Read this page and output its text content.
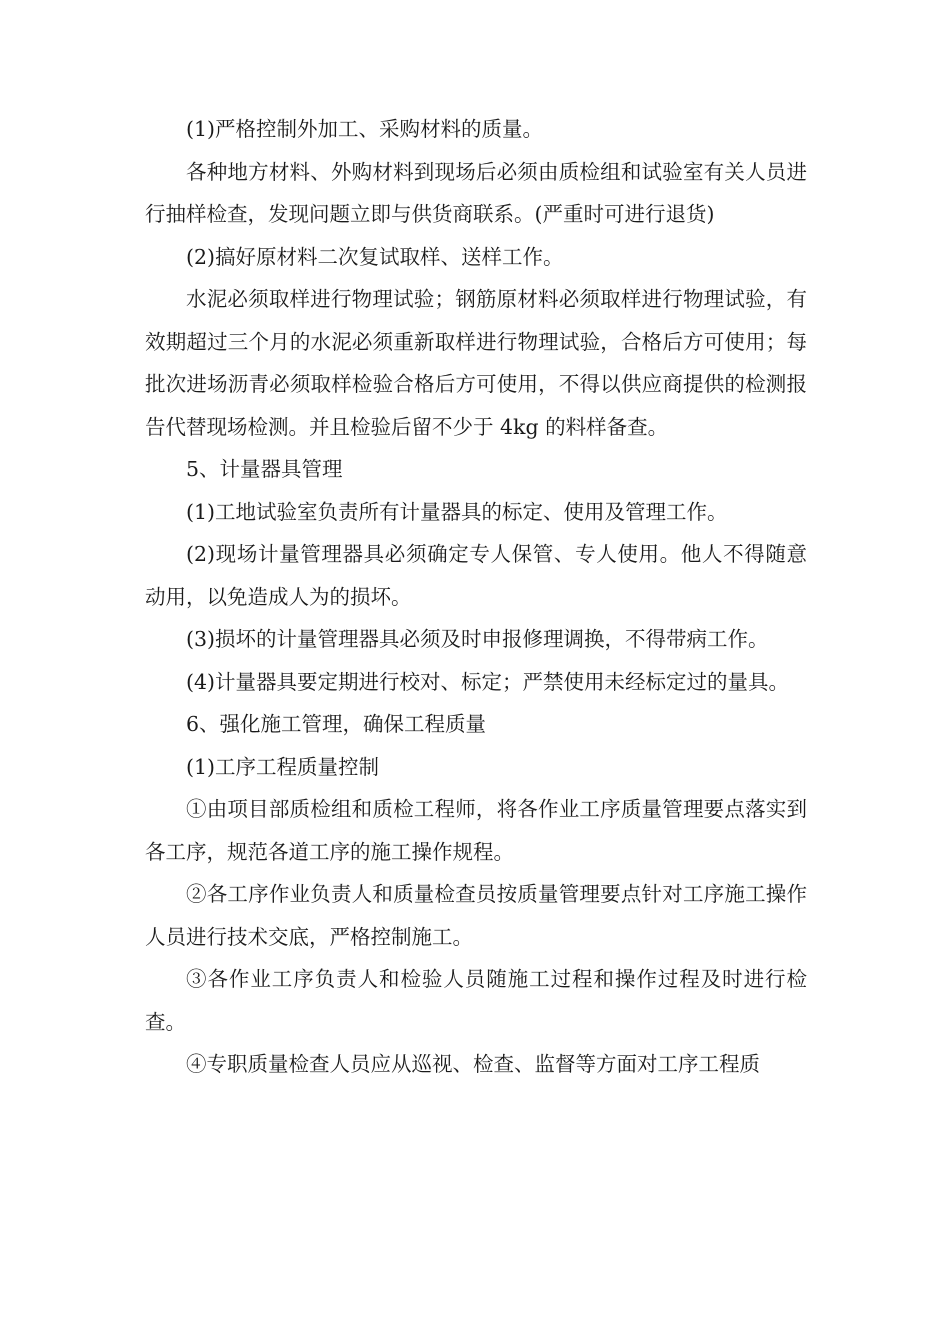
(1)严格控制外加工、采购材料的质量。

各种地方材料、外购材料到现场后必须由质检组和试验室有关人员进行抽样检查，发现问题立即与供货商联系。(严重时可进行退货)

(2)搞好原材料二次复试取样、送样工作。

水泥必须取样进行物理试验；钢筋原材料必须取样进行物理试验，有效期超过三个月的水泥必须重新取样进行物理试验，合格后方可使用；每批次进场沥青必须取样检验合格后方可使用，不得以供应商提供的检测报告代替现场检测。并且检验后留不少于 4kg 的料样备查。

5、计量器具管理

(1)工地试验室负责所有计量器具的标定、使用及管理工作。

(2)现场计量管理器具必须确定专人保管、专人使用。他人不得随意动用，以免造成人为的损坏。

(3)损坏的计量管理器具必须及时申报修理调换，不得带病工作。

(4)计量器具要定期进行校对、标定；严禁使用未经标定过的量具。

6、强化施工管理，确保工程质量

(1)工序工程质量控制

①由项目部质检组和质检工程师，将各作业工序质量管理要点落实到各工序，规范各道工序的施工操作规程。

②各工序作业负责人和质量检查员按质量管理要点针对工序施工操作人员进行技术交底，严格控制施工。

③各作业工序负责人和检验人员随施工过程和操作过程及时进行检查。

④专职质量检查人员应从巡视、检查、监督等方面对工序工程质
